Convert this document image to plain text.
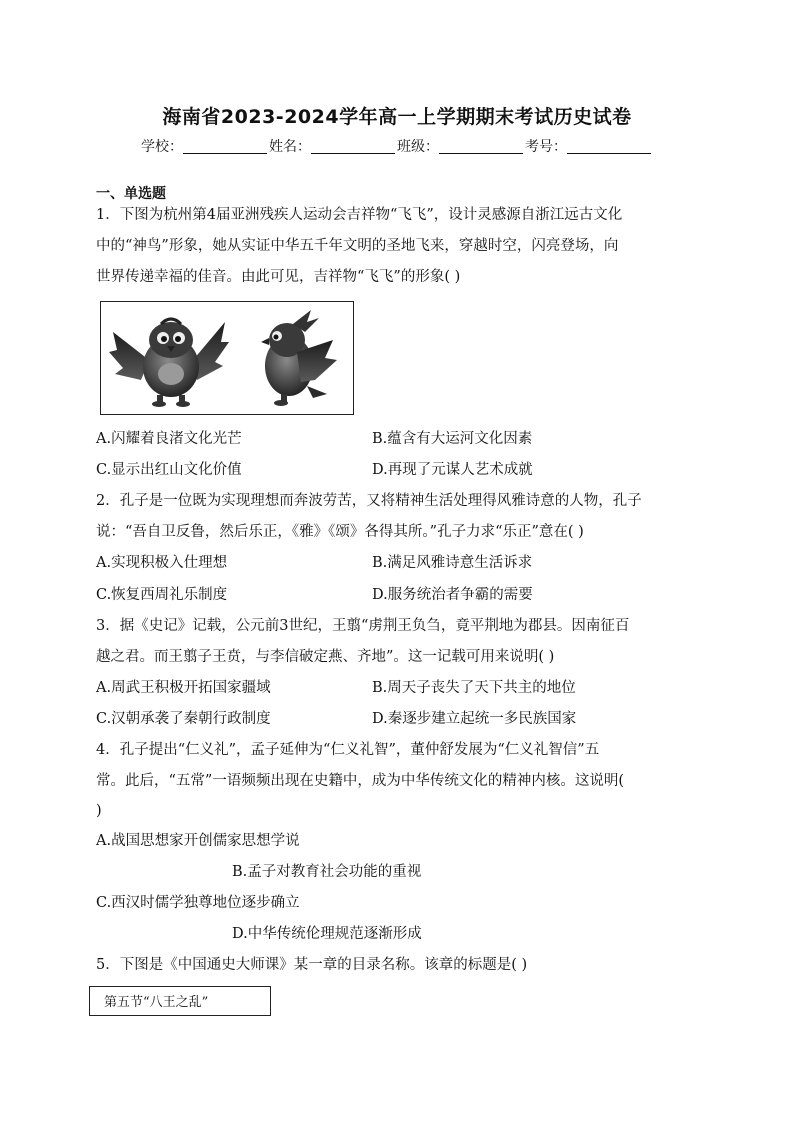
海南省2023-2024学年高一上学期期末考试历史试卷
学校：	姓名：	班级：	考号：
一、单选题
1．下图为杭州第4届亚洲残疾人运动会吉祥物“飞飞”，设计灵感源自浙江远古文化
中的“神鸟”形象，她从实证中华五千年文明的圣地飞来，穿越时空，闪亮登场，向
世界传递幸福的佳音。由此可见，吉祥物“飞飞”的形象( )
A.闪耀着良渚文化光芒	B.蕴含有大运河文化因素
C.显示出红山文化价值	D.再现了元谋人艺术成就
2．孔子是一位既为实现理想而奔波劳苦，又将精神生活处理得风雅诗意的人物，孔子
说：“吾自卫反鲁，然后乐正，《雅》《颂》各得其所。”孔子力求“乐正”意在( )
A.实现积极入仕理想	B.满足风雅诗意生活诉求
C.恢复西周礼乐制度	D.服务统治者争霸的需要
3．据《史记》记载，公元前3世纪，王翦“虏荆王负刍，竟平荆地为郡县。因南征百
越之君。而王翦子王贲，与李信破定燕、齐地”。这一记载可用来说明( )
A.周武王积极开拓国家疆域	B.周天子丧失了天下共主的地位
C.汉朝承袭了秦朝行政制度	D.秦逐步建立起统一多民族国家
4．孔子提出“仁义礼”，孟子延伸为“仁义礼智”，董仲舒发展为“仁义礼智信”五
常。此后，“五常”一语频频出现在史籍中，成为中华传统文化的精神内核。这说明(
)
A.战国思想家开创儒家思想学说
B.孟子对教育社会功能的重视
C.西汉时儒学独尊地位逐步确立
D.中华传统伦理规范逐渐形成
5．下图是《中国通史大师课》某一章的目录名称。该章的标题是( )
第五节“八王之乱”
